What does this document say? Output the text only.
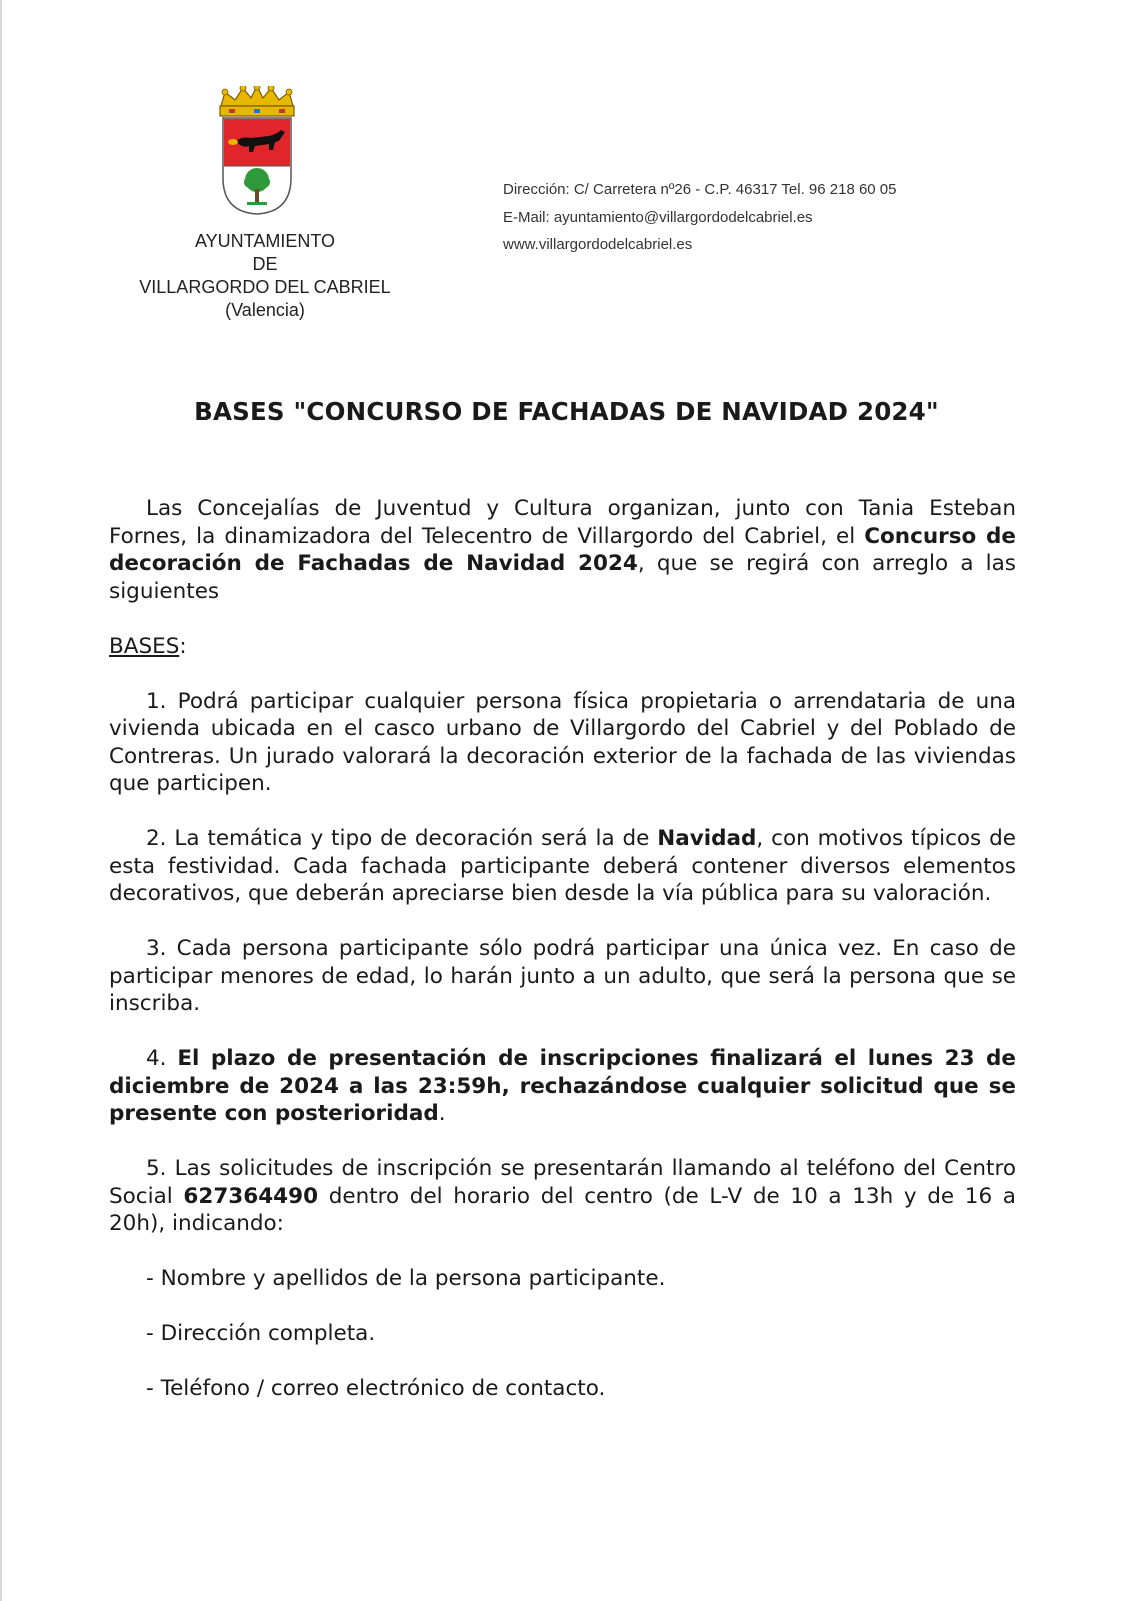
AYUNTAMIENTO
DE
VILLARGORDO DEL CABRIEL
(Valencia)
Dirección: C/ Carretera nº26 - C.P. 46317 Tel. 96 218 60 05
E-Mail: ayuntamiento@villargordodelcabriel.es
www.villargordodelcabriel.es
BASES "CONCURSO DE FACHADAS DE NAVIDAD 2024"

Las Concejalías de Juventud y Cultura organizan, junto con Tania Esteban Fornes, la dinamizadora del Telecentro de Villargordo del Cabriel, el Concurso de decoración de Fachadas de Navidad 2024, que se regirá con arreglo a las siguientes

BASES:

1. Podrá participar cualquier persona física propietaria o arrendataria de una vivienda ubicada en el casco urbano de Villargordo del Cabriel y del Poblado de Contreras. Un jurado valorará la decoración exterior de la fachada de las viviendas que participen.

2. La temática y tipo de decoración será la de Navidad, con motivos típicos de esta festividad. Cada fachada participante deberá contener diversos elementos decorativos, que deberán apreciarse bien desde la vía pública para su valoración.

3. Cada persona participante sólo podrá participar una única vez. En caso de participar menores de edad, lo harán junto a un adulto, que será la persona que se inscriba.

4. El plazo de presentación de inscripciones finalizará el lunes 23 de diciembre de 2024 a las 23:59h, rechazándose cualquier solicitud que se presente con posterioridad.

5. Las solicitudes de inscripción se presentarán llamando al teléfono del Centro Social 627364490 dentro del horario del centro (de L-V de 10 a 13h y de 16 a 20h), indicando:

- Nombre y apellidos de la persona participante.

- Dirección completa.

- Teléfono / correo electrónico de contacto.
